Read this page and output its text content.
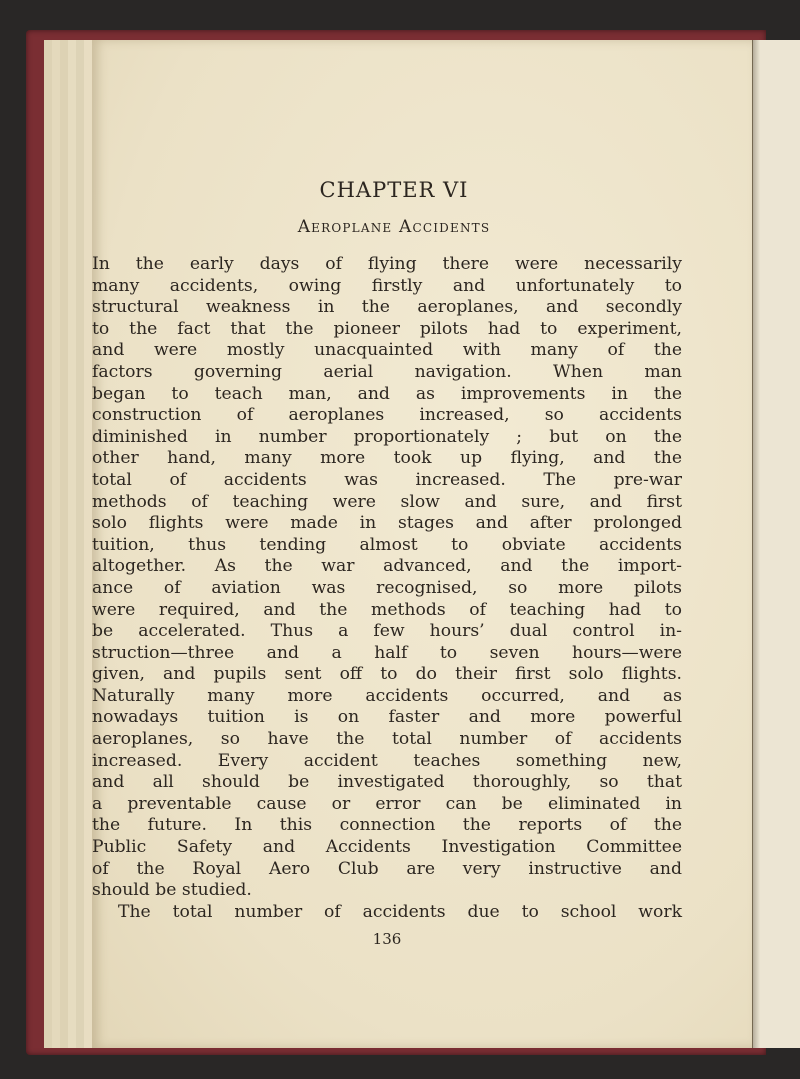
CHAPTER VI
Aeroplane Accidents
In the early days of flying there were necessarily
many accidents, owing firstly and unfortunately to
structural weakness in the aeroplanes, and secondly
to the fact that the pioneer pilots had to experiment,
and were mostly unacquainted with many of the
factors governing aerial navigation. When man
began to teach man, and as improvements in the
construction of aeroplanes increased, so accidents
diminished in number proportionately ; but on the
other hand, many more took up flying, and the
total of accidents was increased. The pre-war
methods of teaching were slow and sure, and first
solo flights were made in stages and after prolonged
tuition, thus tending almost to obviate accidents
altogether. As the war advanced, and the import-
ance of aviation was recognised, so more pilots
were required, and the methods of teaching had to
be accelerated. Thus a few hours’ dual control in-
struction—three and a half to seven hours—were
given, and pupils sent off to do their first solo flights.
Naturally many more accidents occurred, and as
nowadays tuition is on faster and more powerful
aeroplanes, so have the total number of accidents
increased. Every accident teaches something new,
and all should be investigated thoroughly, so that
a preventable cause or error can be eliminated in
the future. In this connection the reports of the
Public Safety and Accidents Investigation Committee
of the Royal Aero Club are very instructive and
should be studied.
The total number of accidents due to school work
136
